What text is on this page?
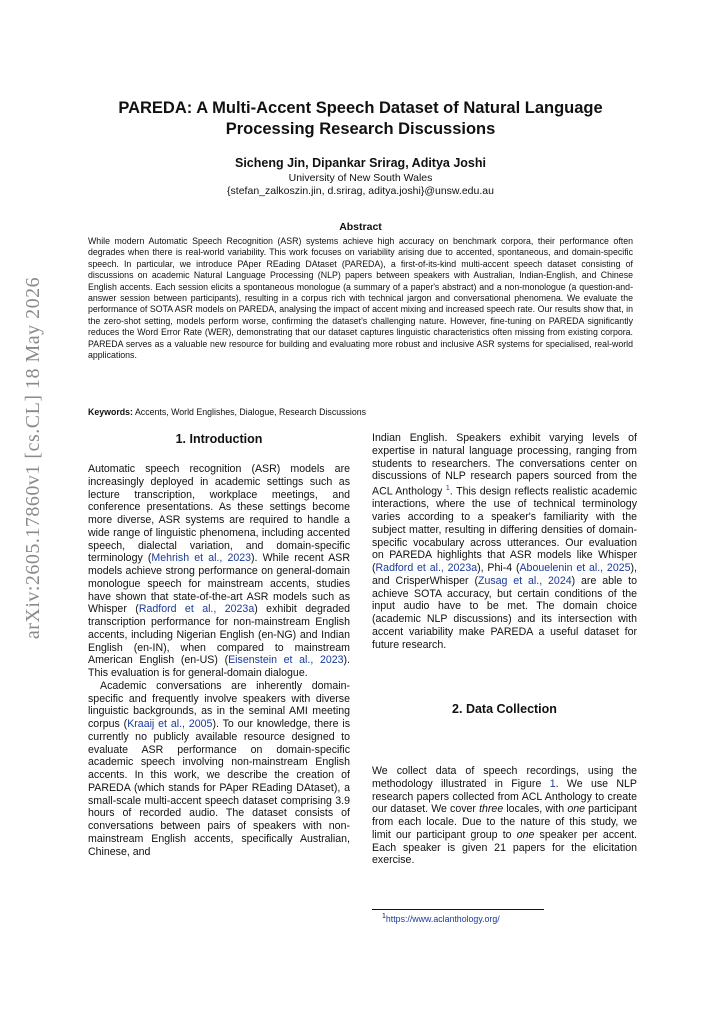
arXiv:2605.17860v1 [cs.CL] 18 May 2026
PAREDA: A Multi-Accent Speech Dataset of Natural Language
Processing Research Discussions
Sicheng Jin, Dipankar Srirag, Aditya Joshi
University of New South Wales
{stefan_zalkoszin.jin, d.srirag, aditya.joshi}@unsw.edu.au
Abstract
While modern Automatic Speech Recognition (ASR) systems achieve high accuracy on benchmark corpora, their performance often degrades when there is real-world variability. This work focuses on variability arising due to accented, spontaneous, and domain-specific speech. In particular, we introduce PAper REading DAtaset (PAREDA), a first-of-its-kind multi-accent speech dataset consisting of discussions on academic Natural Language Processing (NLP) papers between speakers with Australian, Indian-English, and Chinese English accents. Each session elicits a spontaneous monologue (a summary of a paper's abstract) and a non-monologue (a question-and-answer session between participants), resulting in a corpus rich with technical jargon and conversational phenomena. We evaluate the performance of SOTA ASR models on PAREDA, analysing the impact of accent mixing and increased speech rate. Our results show that, in the zero-shot setting, models perform worse, confirming the dataset's challenging nature. However, fine-tuning on PAREDA significantly reduces the Word Error Rate (WER), demonstrating that our dataset captures linguistic characteristics often missing from existing corpora. PAREDA serves as a valuable new resource for building and evaluating more robust and inclusive ASR systems for specialised, real-world applications.
Keywords: Accents, World Englishes, Dialogue, Research Discussions
1. Introduction

Automatic speech recognition (ASR) models are increasingly deployed in academic settings such as lecture transcription, workplace meetings, and conference presentations. As these settings become more diverse, ASR systems are required to handle a wide range of linguistic phenomena, including accented speech, dialectal variation, and domain-specific terminology (Mehrish et al., 2023). While recent ASR models achieve strong performance on general-domain monologue speech for mainstream accents, studies have shown that state-of-the-art ASR models such as Whisper (Radford et al., 2023a) exhibit degraded transcription performance for non-mainstream English accents, including Nigerian English (en-NG) and Indian English (en-IN), when compared to mainstream American English (en-US) (Eisenstein et al., 2023). This evaluation is for general-domain dialogue.

Academic conversations are inherently domain-specific and frequently involve speakers with diverse linguistic backgrounds, as in the seminal AMI meeting corpus (Kraaij et al., 2005). To our knowledge, there is currently no publicly available resource designed to evaluate ASR performance on domain-specific academic speech involving non-mainstream English accents. In this work, we describe the creation of PAREDA (which stands for PAper REading DAtaset), a small-scale multi-accent speech dataset comprising 3.9 hours of recorded audio. The dataset consists of conversations between pairs of speakers with non-mainstream English accents, specifically Australian, Chinese, and

Indian English. Speakers exhibit varying levels of expertise in natural language processing, ranging from students to researchers. The conversations center on discussions of NLP research papers sourced from the ACL Anthology $^1$. This design reflects realistic academic interactions, where the use of technical terminology varies according to a speaker's familiarity with the subject matter, resulting in differing densities of domain-specific vocabulary across utterances. Our evaluation on PAREDA highlights that ASR models like Whisper (Radford et al., 2023a), Phi-4 (Abouelenin et al., 2025), and CrisperWhisper (Zusag et al., 2024) are able to achieve SOTA accuracy, but certain conditions of the input audio have to be met. The domain choice (academic NLP discussions) and its intersection with accent variability make PAREDA a useful dataset for future research.

2. Data Collection

We collect data of speech recordings, using the methodology illustrated in Figure 1. We use NLP research papers collected from ACL Anthology to create our dataset. We cover three locales, with one participant from each locale. Due to the nature of this study, we limit our participant group to one speaker per accent. Each speaker is given 21 papers for the elicitation exercise.

$^1$https://www.aclanthology.org/
